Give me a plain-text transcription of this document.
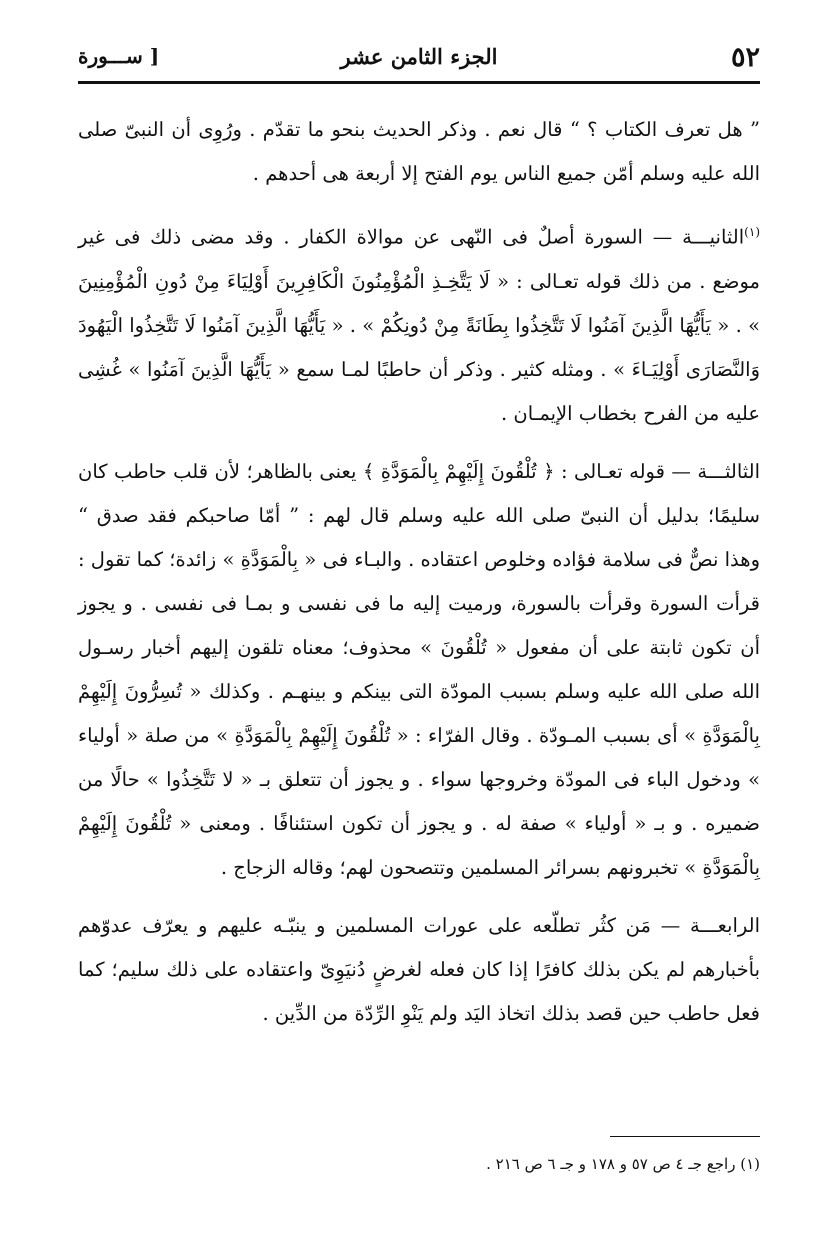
٥٢
الجزء الثامن عشر
[ ســـورة

” هل تعرف الكتاب ؟ “ قال نعم . وذكر الحديث بنحو ما تقدّم . ورُوِى أن النبىّ صلى الله عليه وسلم أمّن جميع الناس يوم الفتح إلا أربعة هى أحدهم .

$^{(١)}$الثانيـــة — السورة أصلٌ فى النّهى عن موالاة الكفار . وقد مضى ذلك فى غير موضع . من ذلك قوله تعـالى : « لَا يَتَّخِـذِ الْمُؤْمِنُونَ الْكَافِرِينَ أَوْلِيَاءَ مِنْ دُونِ الْمُؤْمِنِينَ » . « يَأَيُّهَا الَّذِينَ آمَنُوا لَا تَتَّخِذُوا بِطَانَةً مِنْ دُونِكُمْ » . « يَأَيُّهَا الَّذِينَ آمَنُوا لَا تَتَّخِذُوا الْيَهُودَ وَالنَّصَارَى أَوْلِيَـاءَ » . ومثله كثير . وذكر أن حاطبًا لمـا سمع « يَأَيُّهَا الَّذِينَ آمَنُوا » غُشِى عليه من الفرح بخطاب الإيمـان .

الثالثـــة — قوله تعـالى : ﴿ تُلْقُونَ إِلَيْهِمْ بِالْمَوَدَّةِ ﴾ يعنى بالظاهر؛ لأن قلب حاطب كان سليمًا؛ بدليل أن النبىّ صلى الله عليه وسلم قال لهم : ” أمّا صاحبكم فقد صدق “ وهذا نصٌّ فى سلامة فؤاده وخلوص اعتقاده . والبـاء فى « بِالْمَوَدَّةِ » زائدة؛ كما تقول : قرأت السورة وقرأت بالسورة، ورميت إليه ما فى نفسى و بمـا فى نفسى . و يجوز أن تكون ثابتة على أن مفعول « تُلْقُونَ » محذوف؛ معناه تلقون إليهم أخبار رسـول الله صلى الله عليه وسلم بسبب المودّة التى بينكم و بينهـم . وكذلك « تُسِرُّونَ إِلَيْهِمْ بِالْمَوَدَّةِ » أى بسبب المـودّة . وقال الفرّاء : « تُلْقُونَ إِلَيْهِمْ بِالْمَوَدَّةِ » من صلة « أولياء » ودخول الباء فى المودّة وخروجها سواء . و يجوز أن تتعلق بـ « لا تَتَّخِذُوا » حالًا من ضميره . و بـ « أولياء » صفة له . و يجوز أن تكون استئنافًا . ومعنى « تُلْقُونَ إِلَيْهِمْ بِالْمَوَدَّةِ » تخبرونهم بسرائر المسلمين وتتصحون لهم؛ وقاله الزجاج .

الرابعـــة — مَن كثُر تطلّعه على عورات المسلمين و ينبّـه عليهم و يعرّف عدوّهم بأخبارهم لم يكن بذلك كافرًا إذا كان فعله لغرضٍ دُنيَوِىّ واعتقاده على ذلك سليم؛ كما فعل حاطب حين قصد بذلك اتخاذ اليَد ولم يَنْوِ الرِّدّة من الدِّين .

(١) راجع جـ ٤ ص ٥٧ و ١٧٨ و جـ ٦ ص ٢١٦ .
